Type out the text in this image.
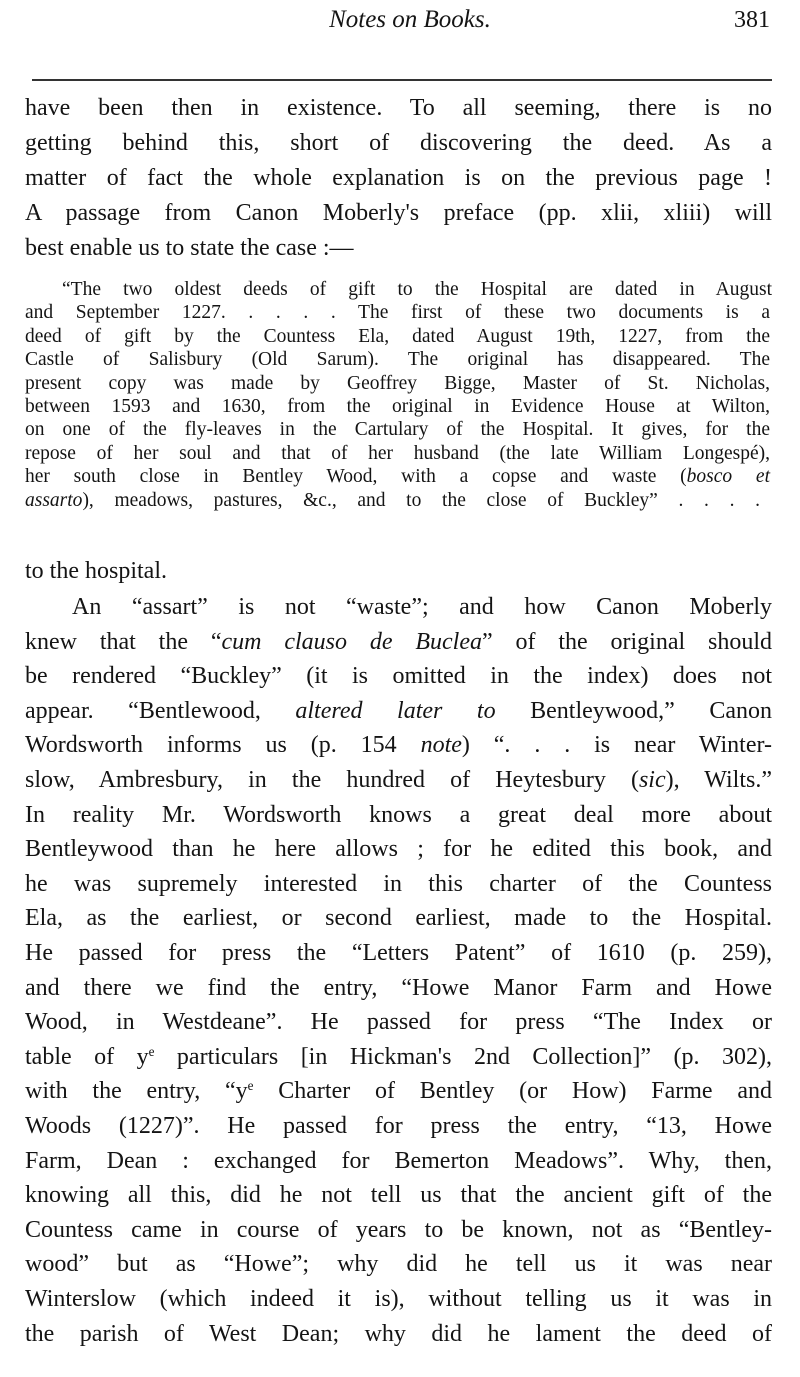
Notes on Books.	381
have been then in existence. To all seeming, there is no
getting behind this, short of discovering the deed. As a
matter of fact the whole explanation is on the previous page !
A passage from Canon Moberly's preface (pp. xlii, xliii) will
best enable us to state the case :—
“The two oldest deeds of gift to the Hospital are dated in August
and September 1227. . . . . The first of these two documents is a
deed of gift by the Countess Ela, dated August 19th, 1227, from the
Castle of Salisbury (Old Sarum). The original has disappeared. The
present copy was made by Geoffrey Bigge, Master of St. Nicholas,
between 1593 and 1630, from the original in Evidence House at Wilton,
on one of the fly-leaves in the Cartulary of the Hospital. It gives, for the
repose of her soul and that of her husband (the late William Longespé),
her south close in Bentley Wood, with a copse and waste (bosco et
assarto), meadows, pastures, &c., and to the close of Buckley” . . . .
to the hospital.
An “assart” is not “waste”; and how Canon Moberly
knew that the “cum clauso de Buclea” of the original should
be rendered “Buckley” (it is omitted in the index) does not
appear. “Bentlewood, altered later to Bentleywood,” Canon
Wordsworth informs us (p. 154 note) “. . . is near Winter-
slow, Ambresbury, in the hundred of Heytesbury (sic), Wilts.”
In reality Mr. Wordsworth knows a great deal more about
Bentleywood than he here allows ; for he edited this book, and
he was supremely interested in this charter of the Countess
Ela, as the earliest, or second earliest, made to the Hospital.
He passed for press the “Letters Patent” of 1610 (p. 259),
and there we find the entry, “Howe Manor Farm and Howe
Wood, in Westdeane”. He passed for press “The Index or
table of $y^e$ particulars [in Hickman's 2nd Collection]” (p. 302),
with the entry, “$y^e$ Charter of Bentley (or How) Farme and
Woods (1227)”. He passed for press the entry, “13, Howe
Farm, Dean : exchanged for Bemerton Meadows”. Why, then,
knowing all this, did he not tell us that the ancient gift of the
Countess came in course of years to be known, not as “Bentley-
wood” but as “Howe”; why did he tell us it was near
Winterslow (which indeed it is), without telling us it was in
the parish of West Dean; why did he lament the deed of
